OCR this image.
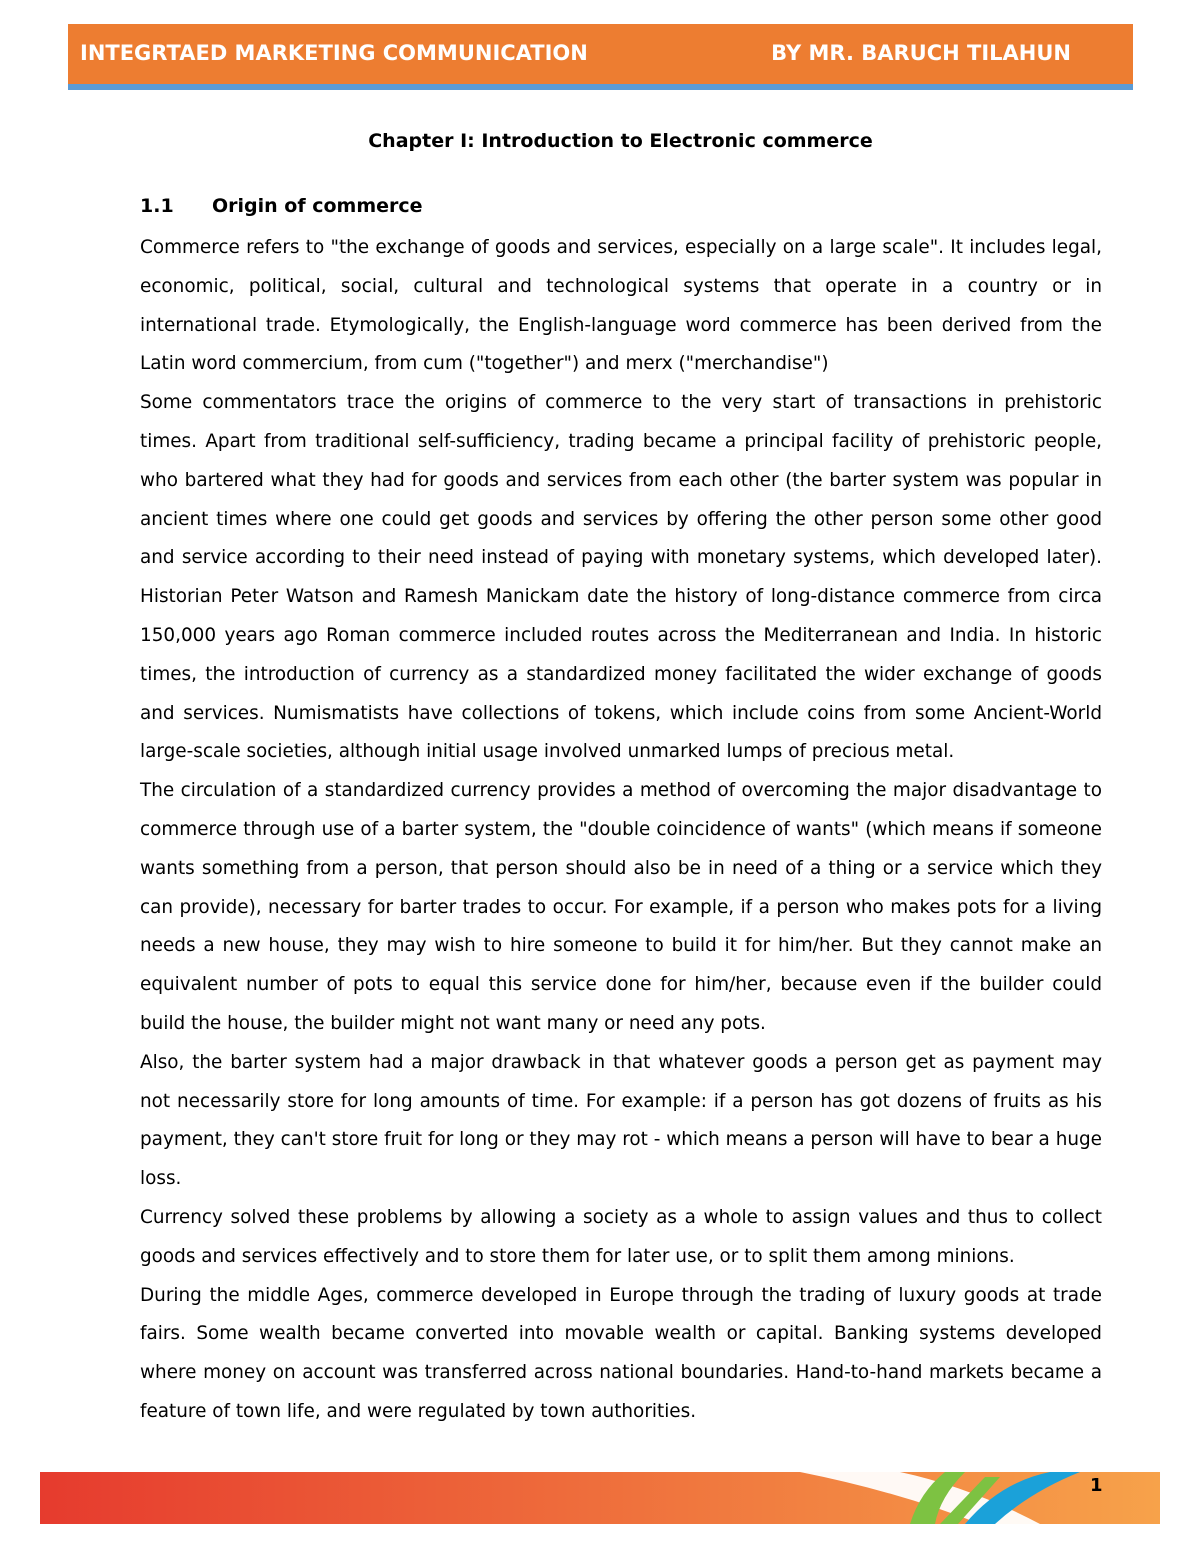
INTEGRTAED MARKETING COMMUNICATION	BY MR. BARUCH TILAHUN
Chapter I: Introduction to Electronic commerce
1.1 Origin of commerce

Commerce refers to "the exchange of goods and services, especially on a large scale". It includes legal, economic, political, social, cultural and technological systems that operate in a country or in international trade. Etymologically, the English-language word commerce has been derived from the Latin word commercium, from cum ("together") and merx ("merchandise")

Some commentators trace the origins of commerce to the very start of transactions in prehistoric times. Apart from traditional self-sufficiency, trading became a principal facility of prehistoric people, who bartered what they had for goods and services from each other (the barter system was popular in ancient times where one could get goods and services by offering the other person some other good and service according to their need instead of paying with monetary systems, which developed later). Historian Peter Watson and Ramesh Manickam date the history of long-distance commerce from circa 150,000 years ago Roman commerce included routes across the Mediterranean and India. In historic times, the introduction of currency as a standardized money facilitated the wider exchange of goods and services. Numismatists have collections of tokens, which include coins from some Ancient-World large-scale societies, although initial usage involved unmarked lumps of precious metal.

The circulation of a standardized currency provides a method of overcoming the major disadvantage to commerce through use of a barter system, the "double coincidence of wants" (which means if someone wants something from a person, that person should also be in need of a thing or a service which they can provide), necessary for barter trades to occur. For example, if a person who makes pots for a living needs a new house, they may wish to hire someone to build it for him/her. But they cannot make an equivalent number of pots to equal this service done for him/her, because even if the builder could build the house, the builder might not want many or need any pots.

Also, the barter system had a major drawback in that whatever goods a person get as payment may not necessarily store for long amounts of time. For example: if a person has got dozens of fruits as his payment, they can't store fruit for long or they may rot - which means a person will have to bear a huge loss.

Currency solved these problems by allowing a society as a whole to assign values and thus to collect goods and services effectively and to store them for later use, or to split them among minions.

During the middle Ages, commerce developed in Europe through the trading of luxury goods at trade fairs. Some wealth became converted into movable wealth or capital. Banking systems developed where money on account was transferred across national boundaries. Hand-to-hand markets became a feature of town life, and were regulated by town authorities.

1
